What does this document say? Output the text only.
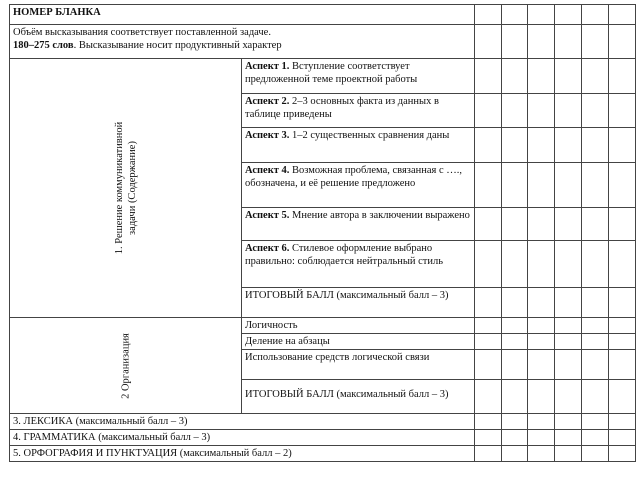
НОМЕР БЛАНКА							
Объём высказывания соответствует поставленной задаче.
180–275 слов. Высказывание носит продуктивный характер							

1. Решение коммуникативной задачи (Содержание)	Аспект 1. Вступление соответствует предложенной теме проектной работы						
	Аспект 2. 2–3 основных факта из данных в таблице приведены						
	Аспект 3. 1–2 существенных сравнения даны						
	Аспект 4. Возможная проблема, связанная с …., обозначена, и её решение предложено						
	Аспект 5. Мнение автора в заключении выражено						
	Аспект 6. Стилевое оформление выбрано правильно: соблюдается нейтральный стиль						
	ИТОГОВЫЙ БАЛЛ (максимальный балл – 3)						

2 Организация	Логичность						
	Деление на абзацы						
	Использование средств логической связи						
	ИТОГОВЫЙ БАЛЛ (максимальный балл – 3)						
3. ЛЕКСИКА (максимальный балл – 3)							
4. ГРАММАТИКА (максимальный балл – 3)							
5. ОРФОГРАФИЯ И ПУНКТУАЦИЯ (максимальный балл – 2)							
